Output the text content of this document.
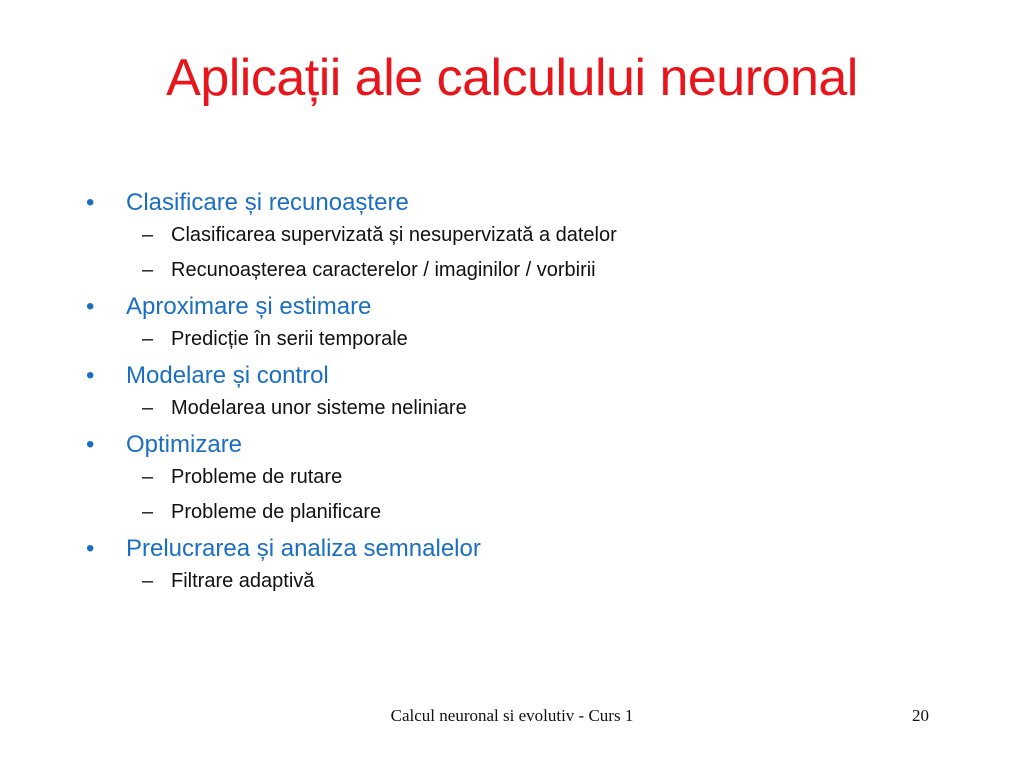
Aplicații ale calculului neuronal
•	Clasificare și recunoaștere
– Clasificarea supervizată și nesupervizată a datelor
– Recunoașterea caracterelor / imaginilor / vorbirii
•	Aproximare și estimare
– Predicție în serii temporale
•	Modelare și control
– Modelarea unor sisteme neliniare
•	Optimizare
– Probleme de rutare
– Probleme de planificare
•	Prelucrarea și analiza semnalelor
– Filtrare adaptivă
Calcul neuronal si evolutiv - Curs 1	20
